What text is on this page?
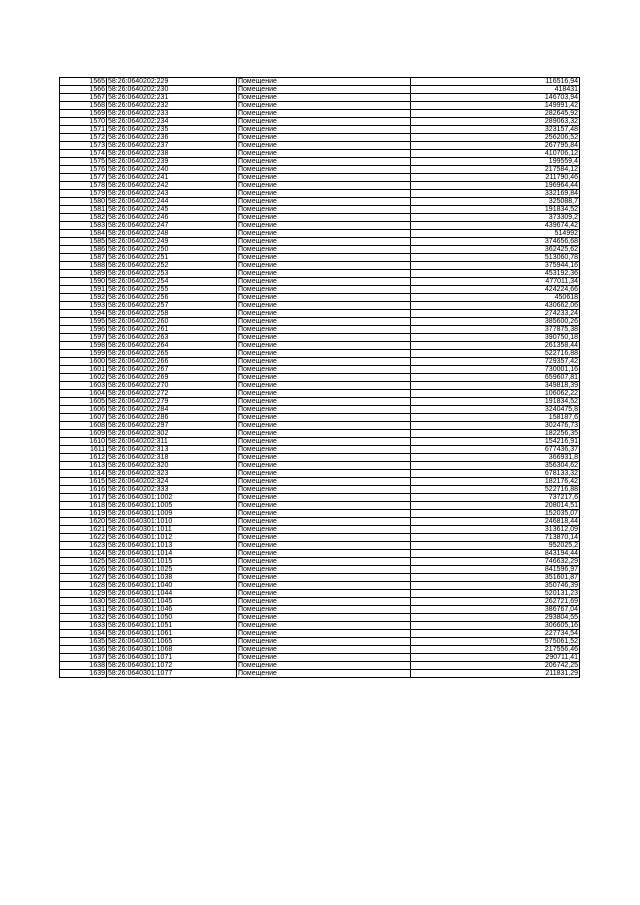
1565	58:26:0640202:229	Помещение	116516,94
1566	58:26:0640202:230	Помещение	418431
1567	58:26:0640202:231	Помещение	146703,94
1568	58:26:0640202:232	Помещение	149991,42
1569	58:26:0640202:233	Помещение	282645,92
1570	58:26:0640202:234	Помещение	289063,32
1571	58:26:0640202:235	Помещение	323157,48
1572	58:26:0640202:236	Помещение	256206,52
1573	58:26:0640202:237	Помещение	267795,84
1574	58:26:0640202:238	Помещение	410706,12
1575	58:26:0640202:239	Помещение	199559,4
1576	58:26:0640202:240	Помещение	217584,12
1577	58:26:0640202:241	Помещение	211790,46
1578	58:26:0640202:242	Помещение	196964,44
1579	58:26:0640202:243	Помещение	332169,84
1580	58:26:0640202:244	Помещение	325088,7
1581	58:26:0640202:245	Помещение	191834,52
1582	58:26:0640202:246	Помещение	373309,2
1583	58:26:0640202:247	Помещение	439674,42
1584	58:26:0640202:248	Помещение	514992
1585	58:26:0640202:249	Помещение	374656,68
1586	58:26:0640202:250	Помещение	362425,62
1587	58:26:0640202:251	Помещение	513060,78
1588	58:26:0640202:252	Помещение	375944,16
1589	58:26:0640202:253	Помещение	453192,36
1590	58:26:0640202:254	Помещение	477011,34
1591	58:26:0640202:255	Помещение	424224,66
1592	58:26:0640202:256	Помещение	450618
1593	58:26:0640202:257	Помещение	430662,06
1594	58:26:0640202:258	Помещение	274233,24
1595	58:26:0640202:260	Помещение	385600,26
1596	58:26:0640202:261	Помещение	377875,38
1597	58:26:0640202:263	Помещение	390750,18
1598	58:26:0640202:264	Помещение	261358,44
1599	58:26:0640202:265	Помещение	522716,88
1600	58:26:0640202:266	Помещение	729357,42
1601	58:26:0640202:267	Помещение	730001,16
1602	58:26:0640202:269	Помещение	659607,81
1603	58:26:0640202:270	Помещение	349818,39
1604	58:26:0640202:272	Помещение	106062,22
1605	58:26:0640202:279	Помещение	191834,52
1606	58:26:0640202:284	Помещение	3240475,8
1607	58:26:0640202:286	Помещение	158187,6
1608	58:26:0640202:297	Помещение	302476,73
1609	58:26:0640202:302	Помещение	182256,35
1610	58:26:0640202:311	Помещение	154216,91
1611	58:26:0640202:313	Помещение	677436,37
1612	58:26:0640202:318	Помещение	366931,8
1613	58:26:0640202:320	Помещение	356304,62
1614	58:26:0640202:323	Помещение	678133,32
1615	58:26:0640202:324	Помещение	182176,42
1616	58:26:0640202:333	Помещение	522716,88
1617	58:26:0640301:1002	Помещение	737217,6
1618	58:26:0640301:1005	Помещение	208014,51
1619	58:26:0640301:1009	Помещение	152035,07
1620	58:26:0640301:1010	Помещение	246818,44
1621	58:26:0640301:1011	Помещение	313612,09
1622	58:26:0640301:1012	Помещение	713870,14
1623	58:26:0640301:1013	Помещение	952025,2
1624	58:26:0640301:1014	Помещение	843194,44
1625	58:26:0640301:1015	Помещение	746632,29
1626	58:26:0640301:1025	Помещение	841596,97
1627	58:26:0640301:1038	Помещение	351601,87
1628	58:26:0640301:1040	Помещение	350746,39
1629	58:26:0640301:1044	Помещение	520131,23
1630	58:26:0640301:1045	Помещение	262721,69
1631	58:26:0640301:1046	Помещение	386767,04
1632	58:26:0640301:1050	Помещение	293804,55
1633	58:26:0640301:1051	Помещение	306605,16
1634	58:26:0640301:1061	Помещение	227734,54
1635	58:26:0640301:1065	Помещение	575061,52
1636	58:26:0640301:1068	Помещение	217556,46
1637	58:26:0640301:1071	Помещение	290711,41
1638	58:26:0640301:1072	Помещение	206742,25
1639	58:26:0640301:1077	Помещение	211831,29
